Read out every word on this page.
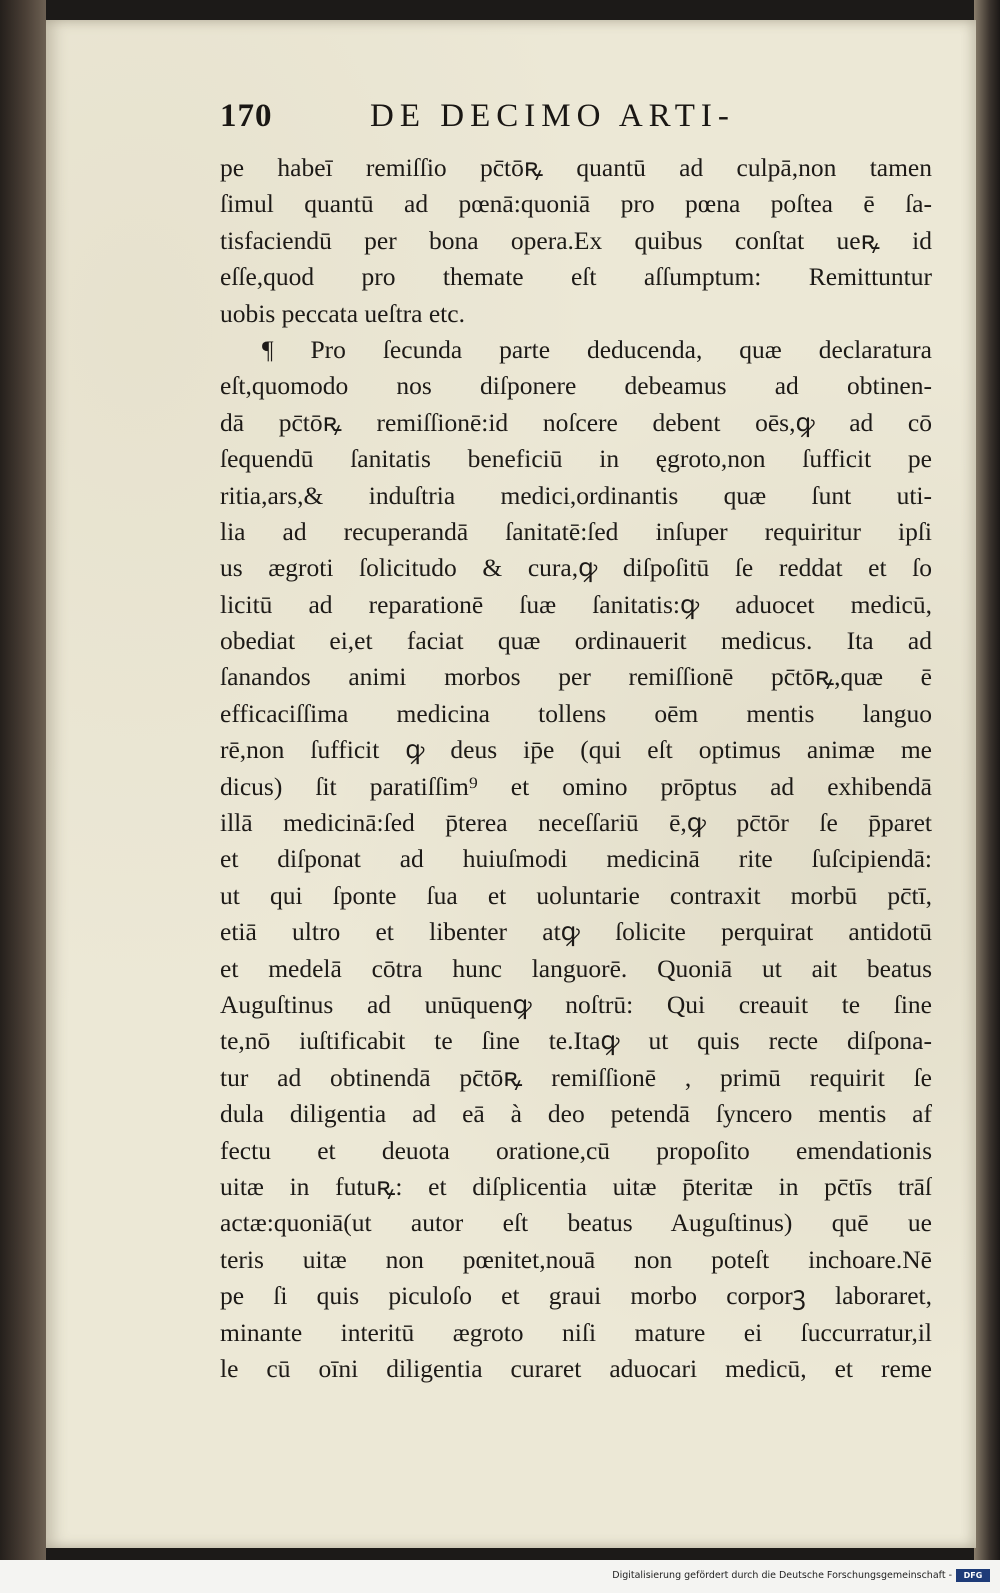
170	DE DECIMO ARTI-
pe habeī remiſſio pc̄tōꝶ quantū ad culpā,non tamen
ſimul quantū ad pœnā:quoniā pro pœna poſtea ē ſa-
tisfaciendū per bona opera.Ex quibus conſtat ueꝶ id
eſſe,quod pro themate eſt aſſumptum: Remittuntur
uobis peccata ueſtra etc.
¶ Pro ſecunda parte deducenda, quæ declaratura
eſt,quomodo nos diſponere debeamus ad obtinen-
dā pc̄tōꝶ remiſſionē:id noſcere debent oēs,ꝙ ad cō
ſequendū ſanitatis beneficiū in ęgroto,non ſufficit pe
ritia,ars,& induſtria medici,ordinantis quæ ſunt uti-
lia ad recuperandā ſanitatē:ſed inſuper requiritur ipſi
us ægroti ſolicitudo & cura,ꝙ diſpoſitū ſe reddat et ſo
licitū ad reparationē ſuæ ſanitatis:ꝙ aduocet medicū,
obediat ei,et faciat quæ ordinauerit medicus. Ita ad
ſanandos animi morbos per remiſſionē pc̄tōꝶ,quæ ē
efficaciſſima medicina tollens oēm mentis languo
rē,non ſufficit ꝙ deus ip̄e (qui eſt optimus animæ me
dicus) ſit paratiſſim⁹ et omino prōptus ad exhibendā
illā medicinā:ſed p̄terea neceſſariū ē,ꝙ pc̄tōr ſe p̄paret
et diſponat ad huiuſmodi medicinā rite ſuſcipiendā:
ut qui ſponte ſua et uoluntarie contraxit morbū pc̄tī,
etiā ultro et libenter atꝙ ſolicite perquirat antidotū
et medelā cōtra hunc languorē. Quoniā ut ait beatus
Auguſtinus ad unūquenꝙ noſtrū: Qui creauit te ſine
te,nō iuſtificabit te ſine te.Itaꝙ ut quis recte diſpona-
tur ad obtinendā pc̄tōꝶ remiſſionē , primū requirit ſe
dula diligentia ad eā à deo petendā ſyncero mentis af
fectu et deuota oratione,cū propoſito emendationis
uitæ in futuꝶ: et diſplicentia uitæ p̄teritæ in pc̄tīs trāſ
actæ:quoniā(ut autor eſt beatus Auguſtinus) quē ue
teris uitæ non pœnitet,nouā non poteſt inchoare.Nē
pe ſi quis piculoſo et graui morbo corporꝫ laboraret,
minante interitū ægroto niſi mature ei ſuccurratur,il
le cū oīni diligentia curaret aduocari medicū, et reme
Digitalisierung gefördert durch die Deutsche Forschungsgemeinschaft -	DFG
